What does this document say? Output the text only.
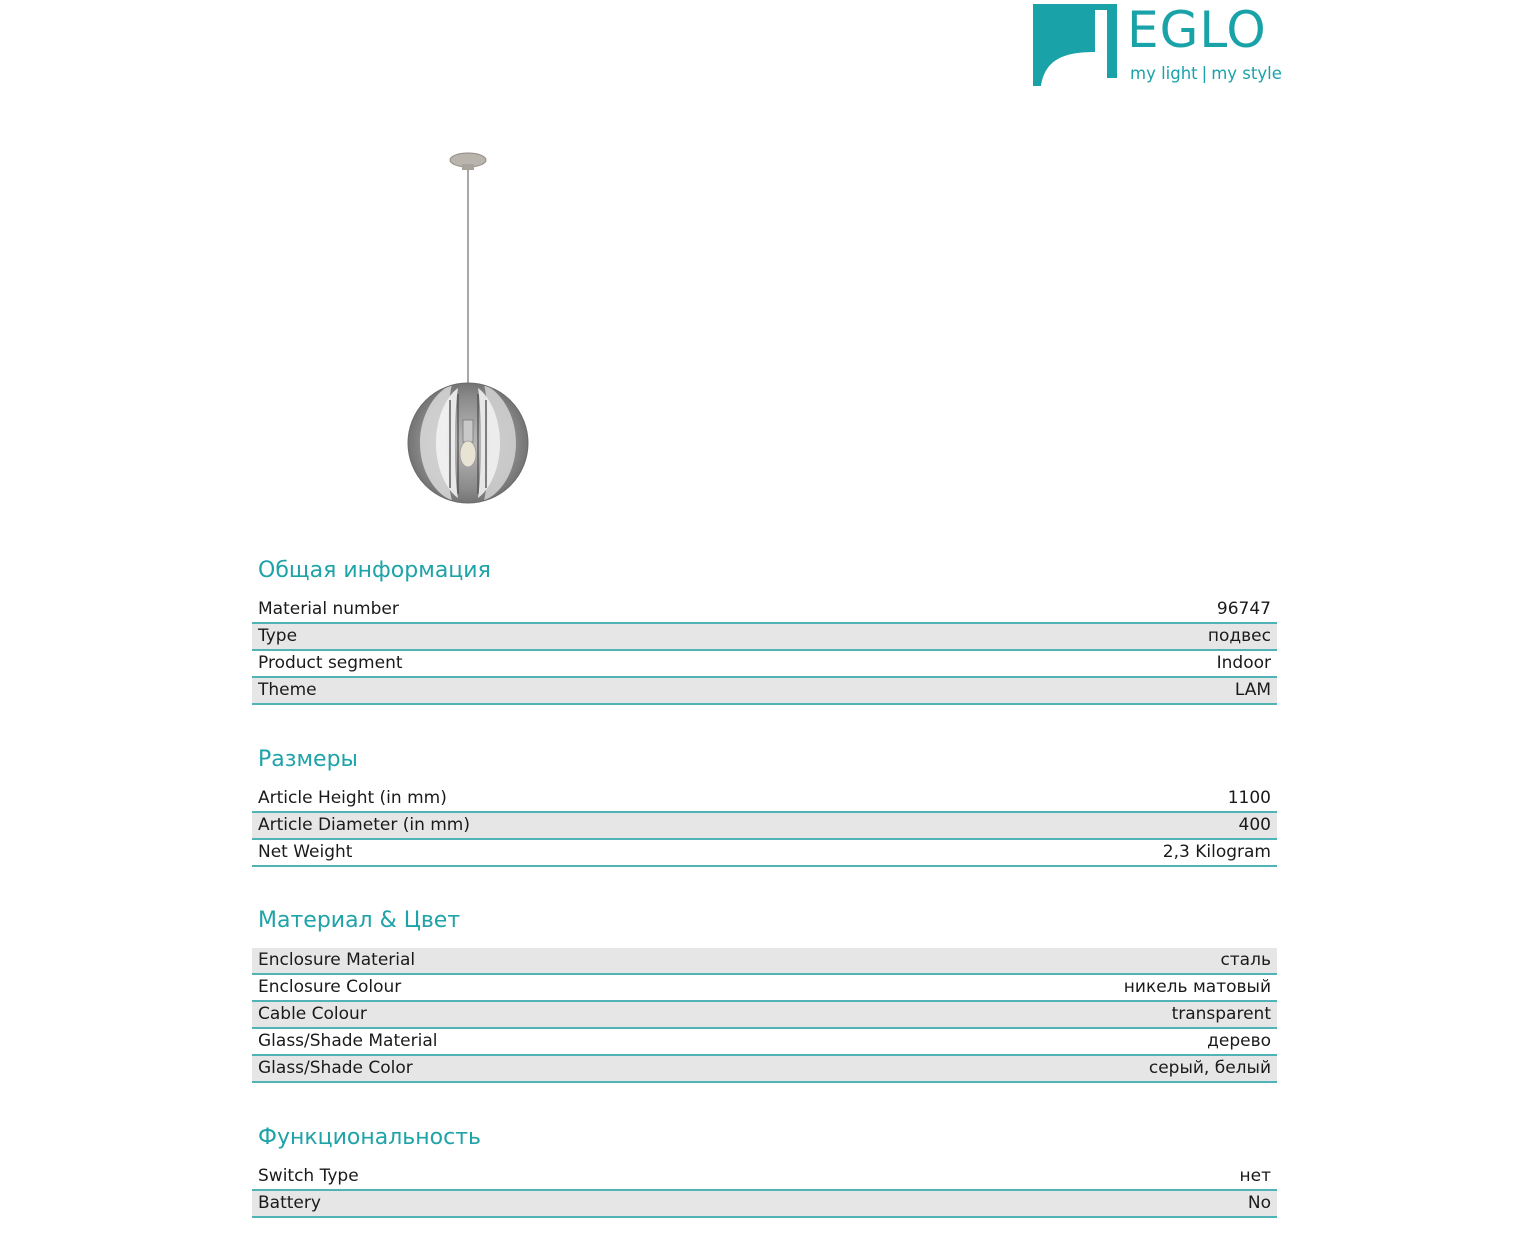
EGLO
my light | my style
Общая информация
Material number	96747
Type	подвес
Product segment	Indoor
Theme	LAM
Размеры
Article Height (in mm)	1100
Article Diameter (in mm)	400
Net Weight	2,3 Kilogram
Материал & Цвет
Enclosure Material	сталь
Enclosure Colour	никель матовый
Cable Colour	transparent
Glass/Shade Material	дерево
Glass/Shade Color	серый, белый
Функциональность
Switch Type	нет
Battery	No
